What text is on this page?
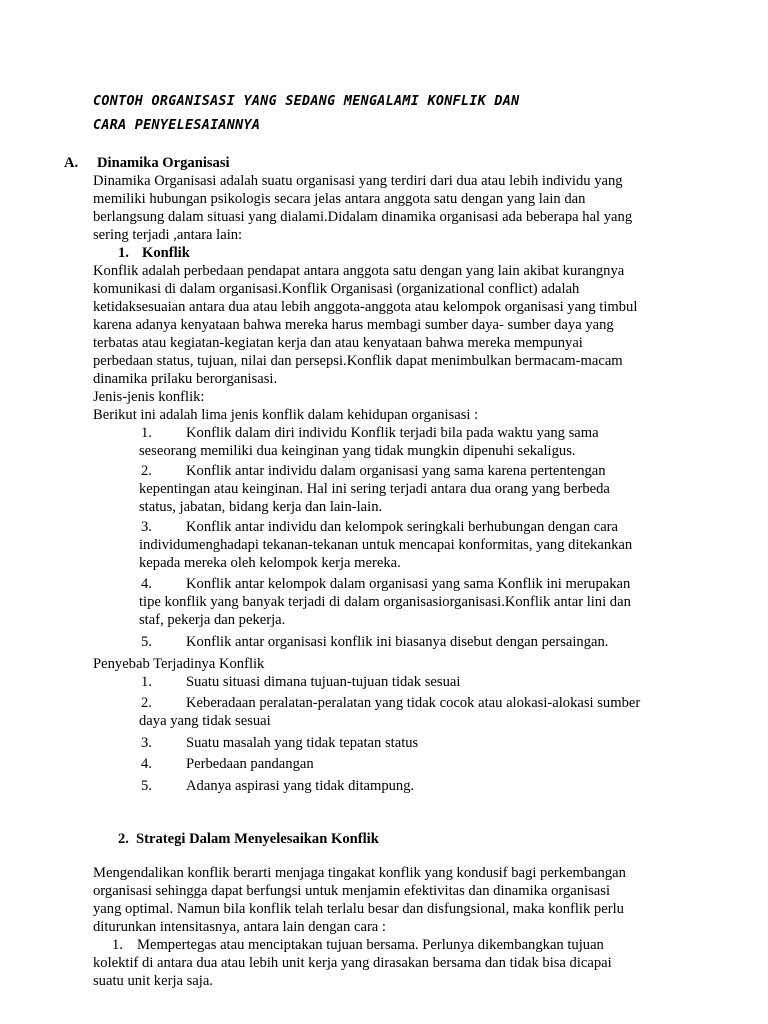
CONTOH ORGANISASI YANG SEDANG MENGALAMI KONFLIK DAN
CARA PENYELESAIANNYA
A. Dinamika Organisasi
Dinamika Organisasi adalah suatu organisasi yang terdiri dari dua atau lebih individu yang
memiliki hubungan psikologis secara jelas antara anggota satu dengan yang lain dan
berlangsung dalam situasi yang dialami.Didalam dinamika organisasi ada beberapa hal yang
sering terjadi ,antara lain:
1. Konflik
Konflik adalah perbedaan pendapat antara anggota satu dengan yang lain akibat kurangnya
komunikasi di dalam organisasi.Konflik Organisasi (organizational conflict) adalah
ketidaksesuaian antara dua atau lebih anggota-anggota atau kelompok organisasi yang timbul
karena adanya kenyataan bahwa mereka harus membagi sumber daya- sumber daya yang
terbatas atau kegiatan-kegiatan kerja dan atau kenyataan bahwa mereka mempunyai
perbedaan status, tujuan, nilai dan persepsi.Konflik dapat menimbulkan bermacam-macam
dinamika prilaku berorganisasi.
Jenis-jenis konflik:
Berikut ini adalah lima jenis konflik dalam kehidupan organisasi :
1. Konflik dalam diri individu Konflik terjadi bila pada waktu yang sama
seseorang memiliki dua keinginan yang tidak mungkin dipenuhi sekaligus.
2. Konflik antar individu dalam organisasi yang sama karena pertentengan
kepentingan atau keinginan. Hal ini sering terjadi antara dua orang yang berbeda
status, jabatan, bidang kerja dan lain-lain.
3. Konflik antar individu dan kelompok seringkali berhubungan dengan cara
individumenghadapi tekanan-tekanan untuk mencapai konformitas, yang ditekankan
kepada mereka oleh kelompok kerja mereka.
4. Konflik antar kelompok dalam organisasi yang sama Konflik ini merupakan
tipe konflik yang banyak terjadi di dalam organisasiorganisasi.Konflik antar lini dan
staf, pekerja dan pekerja.
5. Konflik antar organisasi konflik ini biasanya disebut dengan persaingan.
Penyebab Terjadinya Konflik
1. Suatu situasi dimana tujuan-tujuan tidak sesuai
2. Keberadaan peralatan-peralatan yang tidak cocok atau alokasi-alokasi sumber
daya yang tidak sesuai
3. Suatu masalah yang tidak tepatan status
4. Perbedaan pandangan
5. Adanya aspirasi yang tidak ditampung.
2. Strategi Dalam Menyelesaikan Konflik
Mengendalikan konflik berarti menjaga tingakat konflik yang kondusif bagi perkembangan
organisasi sehingga dapat berfungsi untuk menjamin efektivitas dan dinamika organisasi
yang optimal. Namun bila konflik telah terlalu besar dan disfungsional, maka konflik perlu
diturunkan intensitasnya, antara lain dengan cara :
1. Mempertegas atau menciptakan tujuan bersama. Perlunya dikembangkan tujuan
kolektif di antara dua atau lebih unit kerja yang dirasakan bersama dan tidak bisa dicapai
suatu unit kerja saja.
